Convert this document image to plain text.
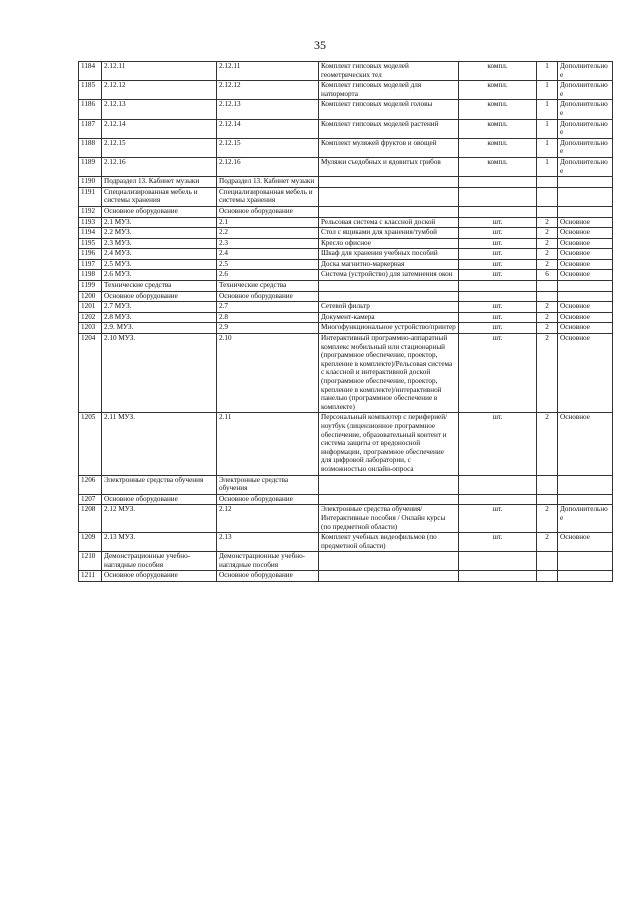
35
1184	2.12.11	2.12.11	Комплект гипсовых моделей геометрических тел	компл.	1	Дополнительное
1185	2.12.12	2.12.12	Комплект гипсовых моделей для натюрморта	компл.	1	Дополнительное
1186	2.12.13	2.12.13	Комплект гипсовых моделей головы	компл.	1	Дополнительное
1187	2.12.14	2.12.14	Комплект гипсовых моделей растений	компл.	1	Дополнительное
1188	2.12.15	2.12.15	Комплект муляжей фруктов и овощей	компл.	1	Дополнительное
1189	2.12.16	2.12.16	Муляжи съедобных и ядовитых грибов	компл.	1	Дополнительное
1190	Подраздел 13. Кабинет музыки	Подраздел 13. Кабинет музыки				
1191	Специализированная мебель и системы хранения	Специализированная мебель и системы хранения				
1192	Основное оборудование	Основное оборудование				
1193	2.1 МУЗ.	2.1	Рельсовая система с классной доской	шт.	2	Основное
1194	2.2 МУЗ.	2.2	Стол с ящиками для хранения/тумбой	шт.	2	Основное
1195	2.3 МУЗ.	2.3	Кресло офисное	шт.	2	Основное
1196	2.4 МУЗ.	2.4	Шкаф для хранения учебных пособий	шт.	2	Основное
1197	2.5 МУЗ.	2.5	Доска магнитно-маркерная	шт.	2	Основное
1198	2.6 МУЗ.	2.6	Система (устройство) для затемнения окон	шт.	6	Основное
1199	Технические средства	Технические средства				
1200	Основное оборудование	Основное оборудование				
1201	2.7 МУЗ.	2.7	Сетевой фильтр	шт.	2	Основное
1202	2.8 МУЗ.	2.8	Документ-камера	шт.	2	Основное
1203	2.9. МУЗ.	2.9	Многофункциональное устройство/принтер	шт.	2	Основное
1204	2.10 МУЗ.	2.10	Интерактивный программно-аппаратный комплекс мобильный или стационарный (программное обеспечение, проектор, крепление в комплекте)/Рельсовая система с классной и интерактивной доской (программное обеспечение, проектор, крепление в комплекте)/интерактивной панелью (программное обеспечение в комплекте)	шт.	2	Основное
1205	2.11 МУЗ.	2.11	Персональный компьютер с периферией/ноутбук (лицензионное программное обеспечение, образовательный контент и система защиты от вредоносной информации, программное обеспечение для цифровой лаборатории, с возможностью онлайн-опроса	шт.	2	Основное
1206	Электронные средства обучения	Электронные средства обучения				
1207	Основное оборудование	Основное оборудование				
1208	2.12 МУЗ.	2.12	Электронные средства обучения/Интерактивные пособия / Онлайн курсы (по предметной области)	шт.	2	Дополнительное
1209	2.13 МУЗ.	2.13	Комплект учебных видеофильмов (по предметной области)	шт.	2	Основное
1210	Демонстрационные учебно-наглядные пособия	Демонстрационные учебно-наглядные пособия				
1211	Основное оборудование	Основное оборудование				
